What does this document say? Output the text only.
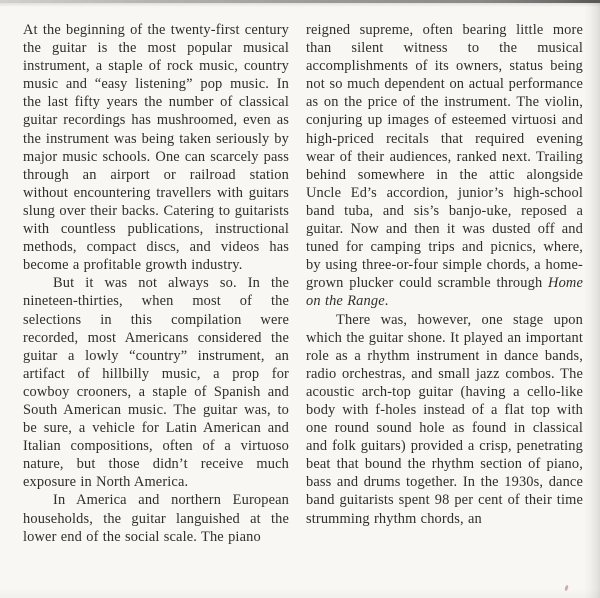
At the beginning of the twenty-first century the guitar is the most popular musical instrument, a staple of rock music, country music and “easy listening” pop music. In the last fifty years the number of classical guitar recordings has mushroomed, even as the instrument was being taken seriously by major music schools. One can scarcely pass through an airport or railroad station without encountering travellers with guitars slung over their backs. Catering to guitarists with countless publications, instructional methods, compact discs, and videos has become a profitable growth industry.

But it was not always so. In the nineteen-thirties, when most of the selections in this compilation were recorded, most Americans considered the guitar a lowly “country” instrument, an artifact of hillbilly music, a prop for cowboy crooners, a staple of Spanish and South American music. The guitar was, to be sure, a vehicle for Latin American and Italian compositions, often of a virtuoso nature, but those didn’t receive much exposure in North America.

In America and northern European households, the guitar languished at the lower end of the social scale. The piano

reigned supreme, often bearing little more than silent witness to the musical accomplishments of its owners, status being not so much dependent on actual performance as on the price of the instrument. The violin, conjuring up images of esteemed virtuosi and high-priced recitals that required evening wear of their audiences, ranked next. Trailing behind somewhere in the attic alongside Uncle Ed’s accordion, junior’s high-school band tuba, and sis’s banjo-uke, reposed a guitar. Now and then it was dusted off and tuned for camping trips and picnics, where, by using three-or-four simple chords, a home-grown plucker could scramble through Home on the Range.

There was, however, one stage upon which the guitar shone. It played an important role as a rhythm instrument in dance bands, radio orchestras, and small jazz combos. The acoustic arch-top guitar (having a cello-like body with f-holes instead of a flat top with one round sound hole as found in classical and folk guitars) provided a crisp, penetrating beat that bound the rhythm section of piano, bass and drums together. In the 1930s, dance band guitarists spent 98 per cent of their time strumming rhythm chords, an
